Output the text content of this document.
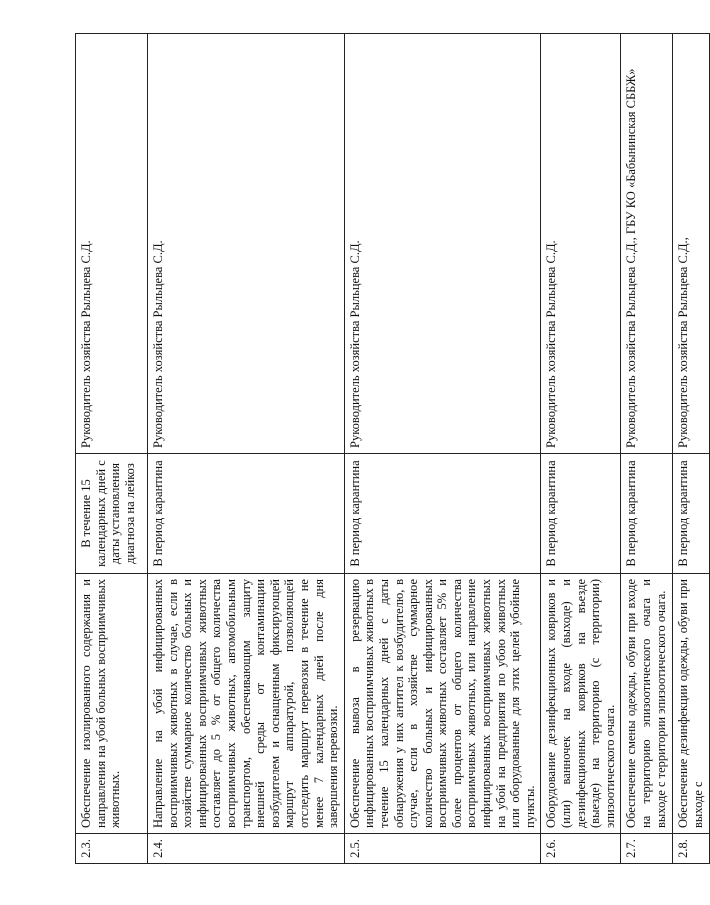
2.3.	Обеспечение изолированного содержания и направления на убой больных восприимчивых животных.	В течение 15 календарных дней с даты установления диагноза на лейкоз	Руководитель хозяйства Рыльцева С.Д.
2.4.	Направление на убой инфицированных восприимчивых животных в случае, если в хозяйстве суммарное количество больных и инфицированных восприимчивых животных составляет до 5 % от общего количества восприимчивых животных, автомобильным транспортом, обеспечивающим защиту внешней среды от контаминации возбудителем и оснащенным фиксирующей маршрут аппаратурой, позволяющей отследить маршрут перевозки в течение не менее 7 календарных дней после дня завершения перевозки.	В период карантина	Руководитель хозяйства Рыльцева С.Д.
2.5.	Обеспечение вывоза в резервацию инфицированных восприимчивых животных в течение 15 календарных дней с даты обнаружения у них антител к возбудителю, в случае, если в хозяйстве суммарное количество больных и инфицированных восприимчивых животных составляет 5% и более процентов от общего количества восприимчивых животных, или направление инфицированных восприимчивых животных на убой на предприятия по убою животных или оборудованные для этих целей убойные пункты.	В период карантина	Руководитель хозяйства Рыльцева С.Д.
2.6.	Оборудование дезинфекционных ковриков и (или) ванночек на входе (выходе) и дезинфекционных ковриков на въезде (выезде) на территорию (с территории) эпизоотического очага.	В период карантина	Руководитель хозяйства Рыльцева С.Д.
2.7.	Обеспечение смены одежды, обуви при входе на территорию эпизоотического очага и выходе с территории эпизоотического очага.	В период карантина	Руководитель хозяйства Рыльцева С.Д., ГБУ КО «Бабынинская СББЖ»
2.8.	Обеспечение дезинфекции одежды, обуви при выходе с	В период карантина	Руководитель хозяйства Рыльцева С.Д.,
